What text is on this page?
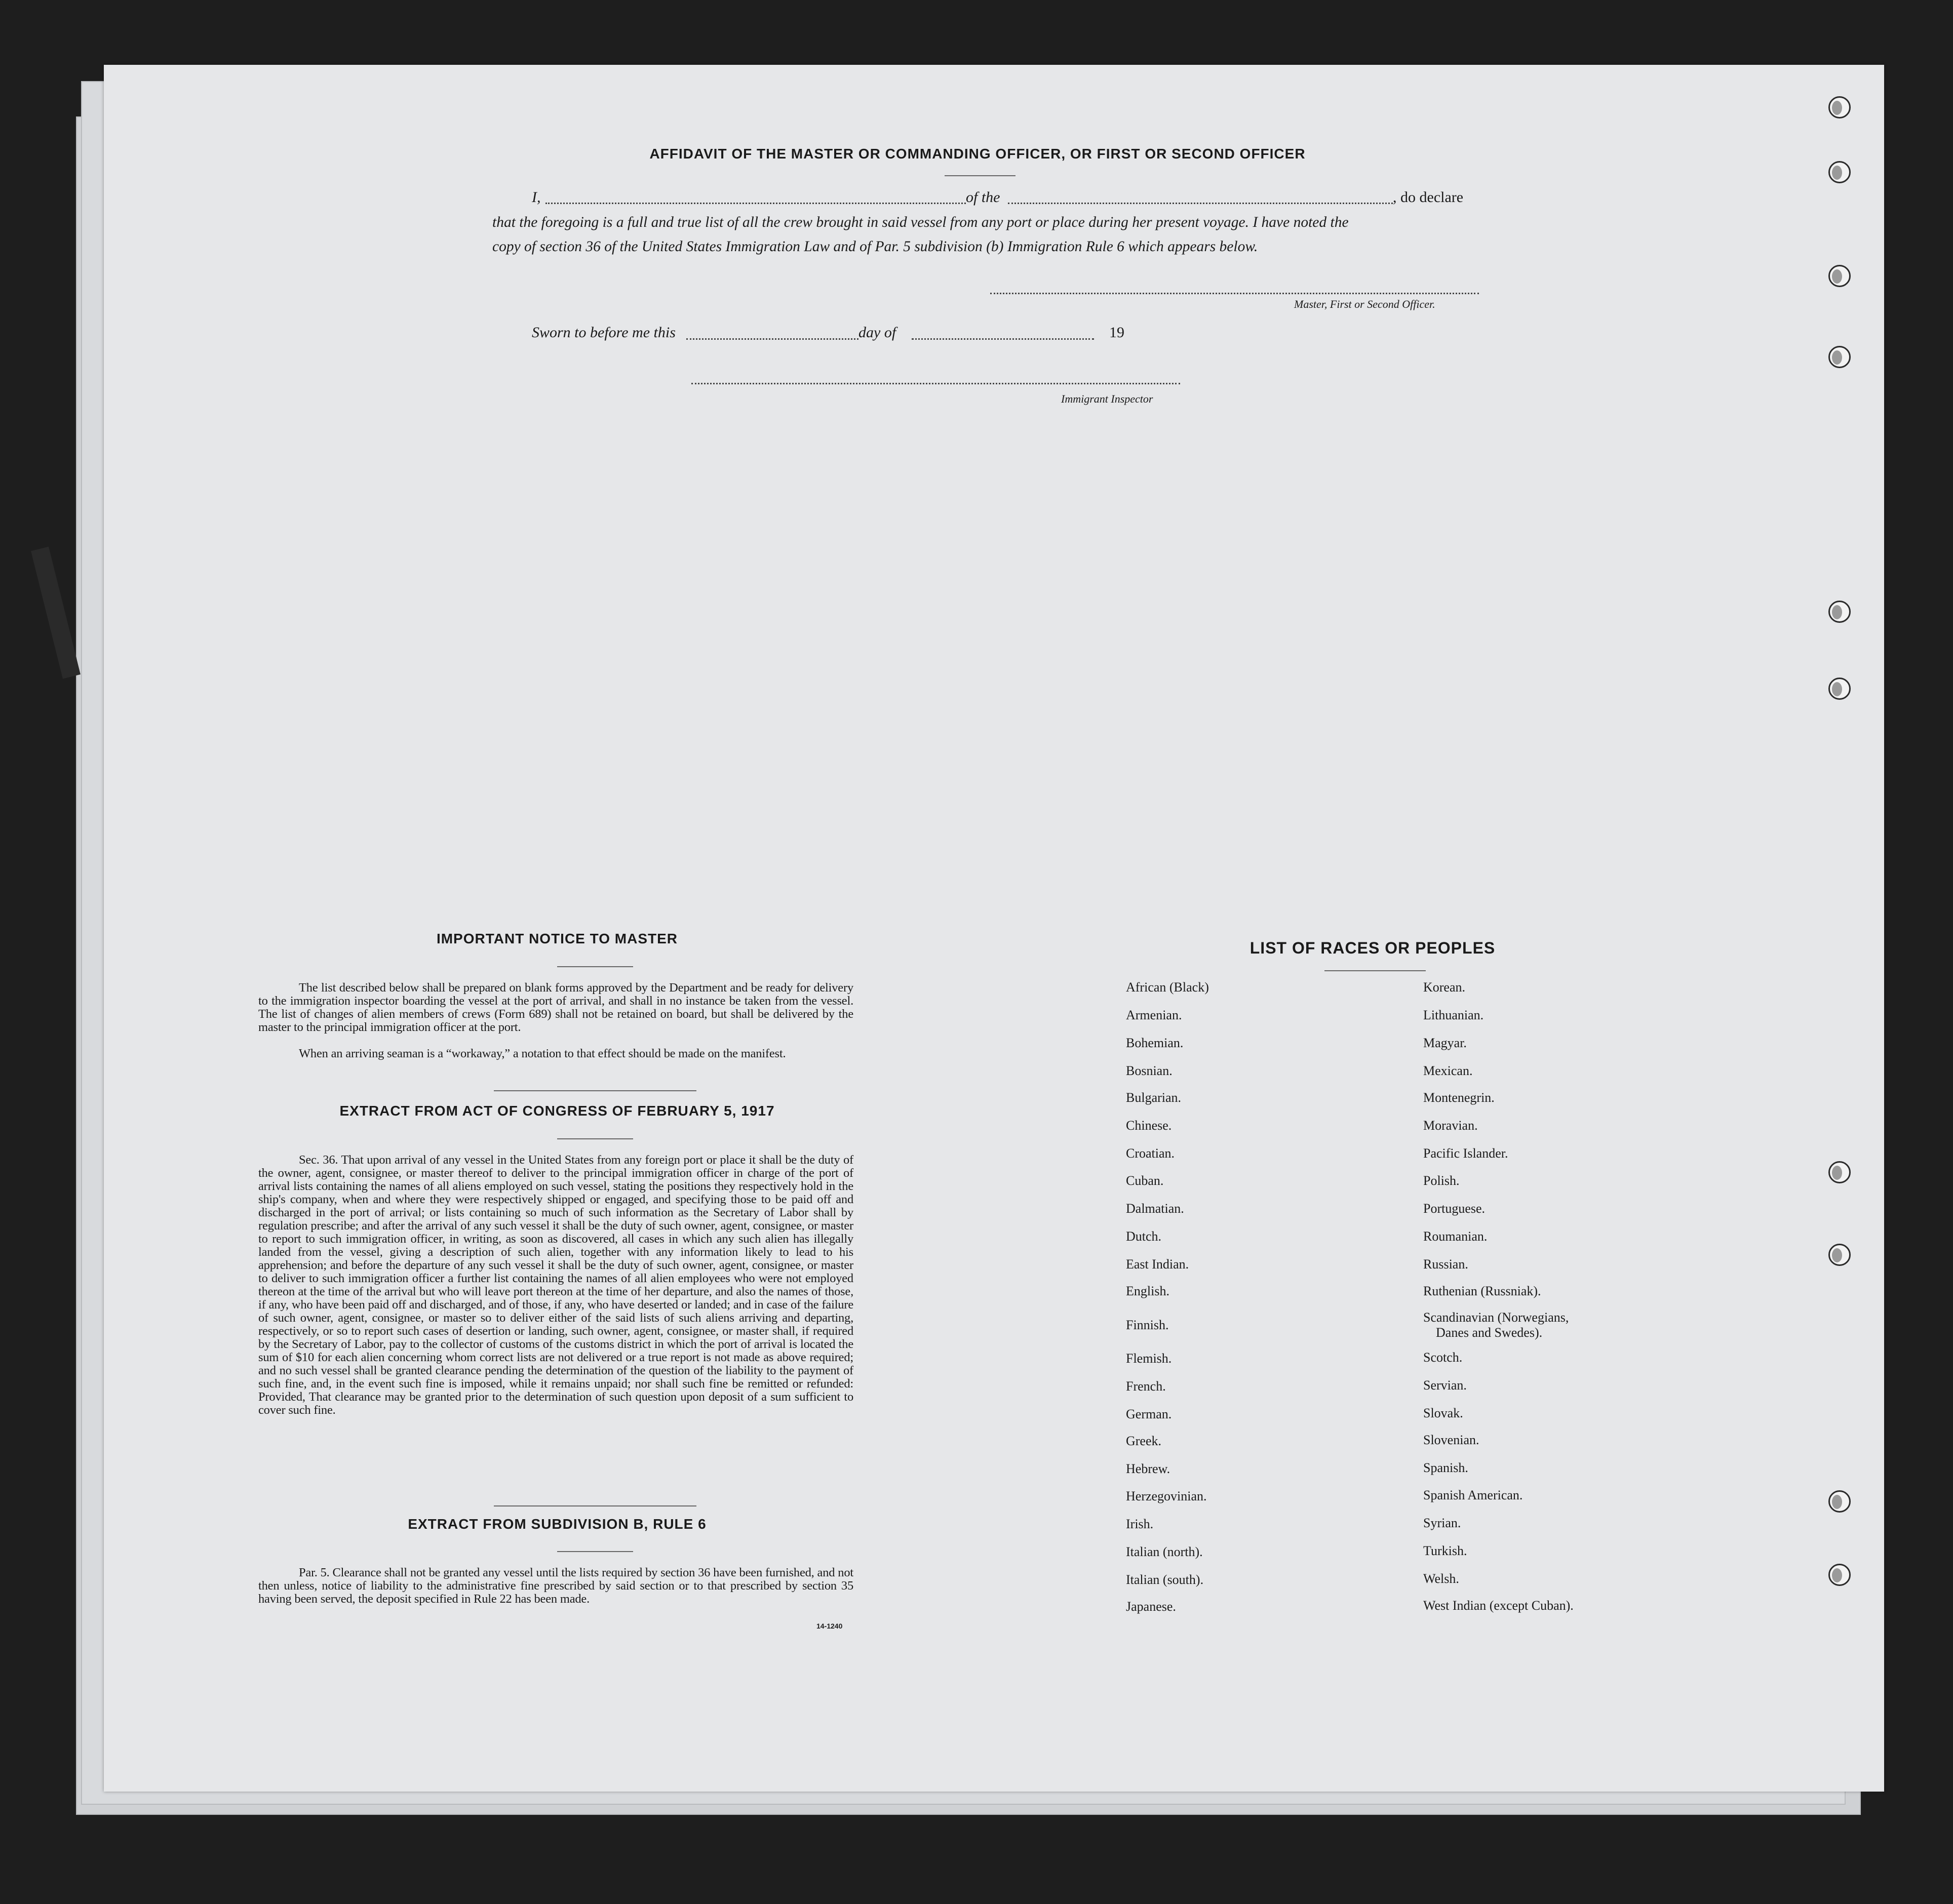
AFFIDAVIT OF THE MASTER OR COMMANDING OFFICER, OR FIRST OR SECOND OFFICER
I,	of the	, do declare
that the foregoing is a full and true list of all the crew brought in said vessel from any port or place during her present voyage. I have noted the
copy of section 36 of the United States Immigration Law and of Par. 5 subdivision (b) Immigration Rule 6 which appears below.
Master, First or Second Officer.
Sworn to before me this	day of	19
Immigrant Inspector
IMPORTANT NOTICE TO MASTER
The list described below shall be prepared on blank forms approved by the Department and be ready for delivery to the immigration inspector boarding the vessel at the port of arrival, and shall in no instance be taken from the vessel. The list of changes of alien members of crews (Form 689) shall not be retained on board, but shall be delivered by the master to the principal immigration officer at the port.
When an arriving seaman is a “workaway,” a notation to that effect should be made on the manifest.
EXTRACT FROM ACT OF CONGRESS OF FEBRUARY 5, 1917
Sec. 36. That upon arrival of any vessel in the United States from any foreign port or place it shall be the duty of the owner, agent, consignee, or master thereof to deliver to the principal immigration officer in charge of the port of arrival lists containing the names of all aliens employed on such vessel, stating the positions they respectively hold in the ship's company, when and where they were respectively shipped or engaged, and specifying those to be paid off and discharged in the port of arrival; or lists containing so much of such information as the Secretary of Labor shall by regulation prescribe; and after the arrival of any such vessel it shall be the duty of such owner, agent, consignee, or master to report to such immigration officer, in writing, as soon as discovered, all cases in which any such alien has illegally landed from the vessel, giving a description of such alien, together with any information likely to lead to his apprehension; and before the departure of any such vessel it shall be the duty of such owner, agent, consignee, or master to deliver to such immigration officer a further list containing the names of all alien employees who were not employed thereon at the time of the arrival but who will leave port thereon at the time of her departure, and also the names of those, if any, who have been paid off and discharged, and of those, if any, who have deserted or landed; and in case of the failure of such owner, agent, consignee, or master so to deliver either of the said lists of such aliens arriving and departing, respectively, or so to report such cases of desertion or landing, such owner, agent, consignee, or master shall, if required by the Secretary of Labor, pay to the collector of customs of the customs district in which the port of arrival is located the sum of $10 for each alien concerning whom correct lists are not delivered or a true report is not made as above required; and no such vessel shall be granted clearance pending the determination of the question of the liability to the payment of such fine, and, in the event such fine is imposed, while it remains unpaid; nor shall such fine be remitted or refunded: Provided, That clearance may be granted prior to the determination of such question upon deposit of a sum sufficient to cover such fine.
EXTRACT FROM SUBDIVISION B, RULE 6
Par. 5. Clearance shall not be granted any vessel until the lists required by section 36 have been furnished, and not then unless, notice of liability to the administrative fine prescribed by said section or to that prescribed by section 35 having been served, the deposit specified in Rule 22 has been made.
14-1240
LIST OF RACES OR PEOPLES
African (Black)
Armenian.
Bohemian.
Bosnian.
Bulgarian.
Chinese.
Croatian.
Cuban.
Dalmatian.
Dutch.
East Indian.
English.
Finnish.
Flemish.
French.
German.
Greek.
Hebrew.
Herzegovinian.
Irish.
Italian (north).
Italian (south).
Japanese.
Korean.
Lithuanian.
Magyar.
Mexican.
Montenegrin.
Moravian.
Pacific Islander.
Polish.
Portuguese.
Roumanian.
Russian.
Ruthenian (Russniak).
Scandinavian (Norwegians,
Danes and Swedes).
Scotch.
Servian.
Slovak.
Slovenian.
Spanish.
Spanish American.
Syrian.
Turkish.
Welsh.
West Indian (except Cuban).
